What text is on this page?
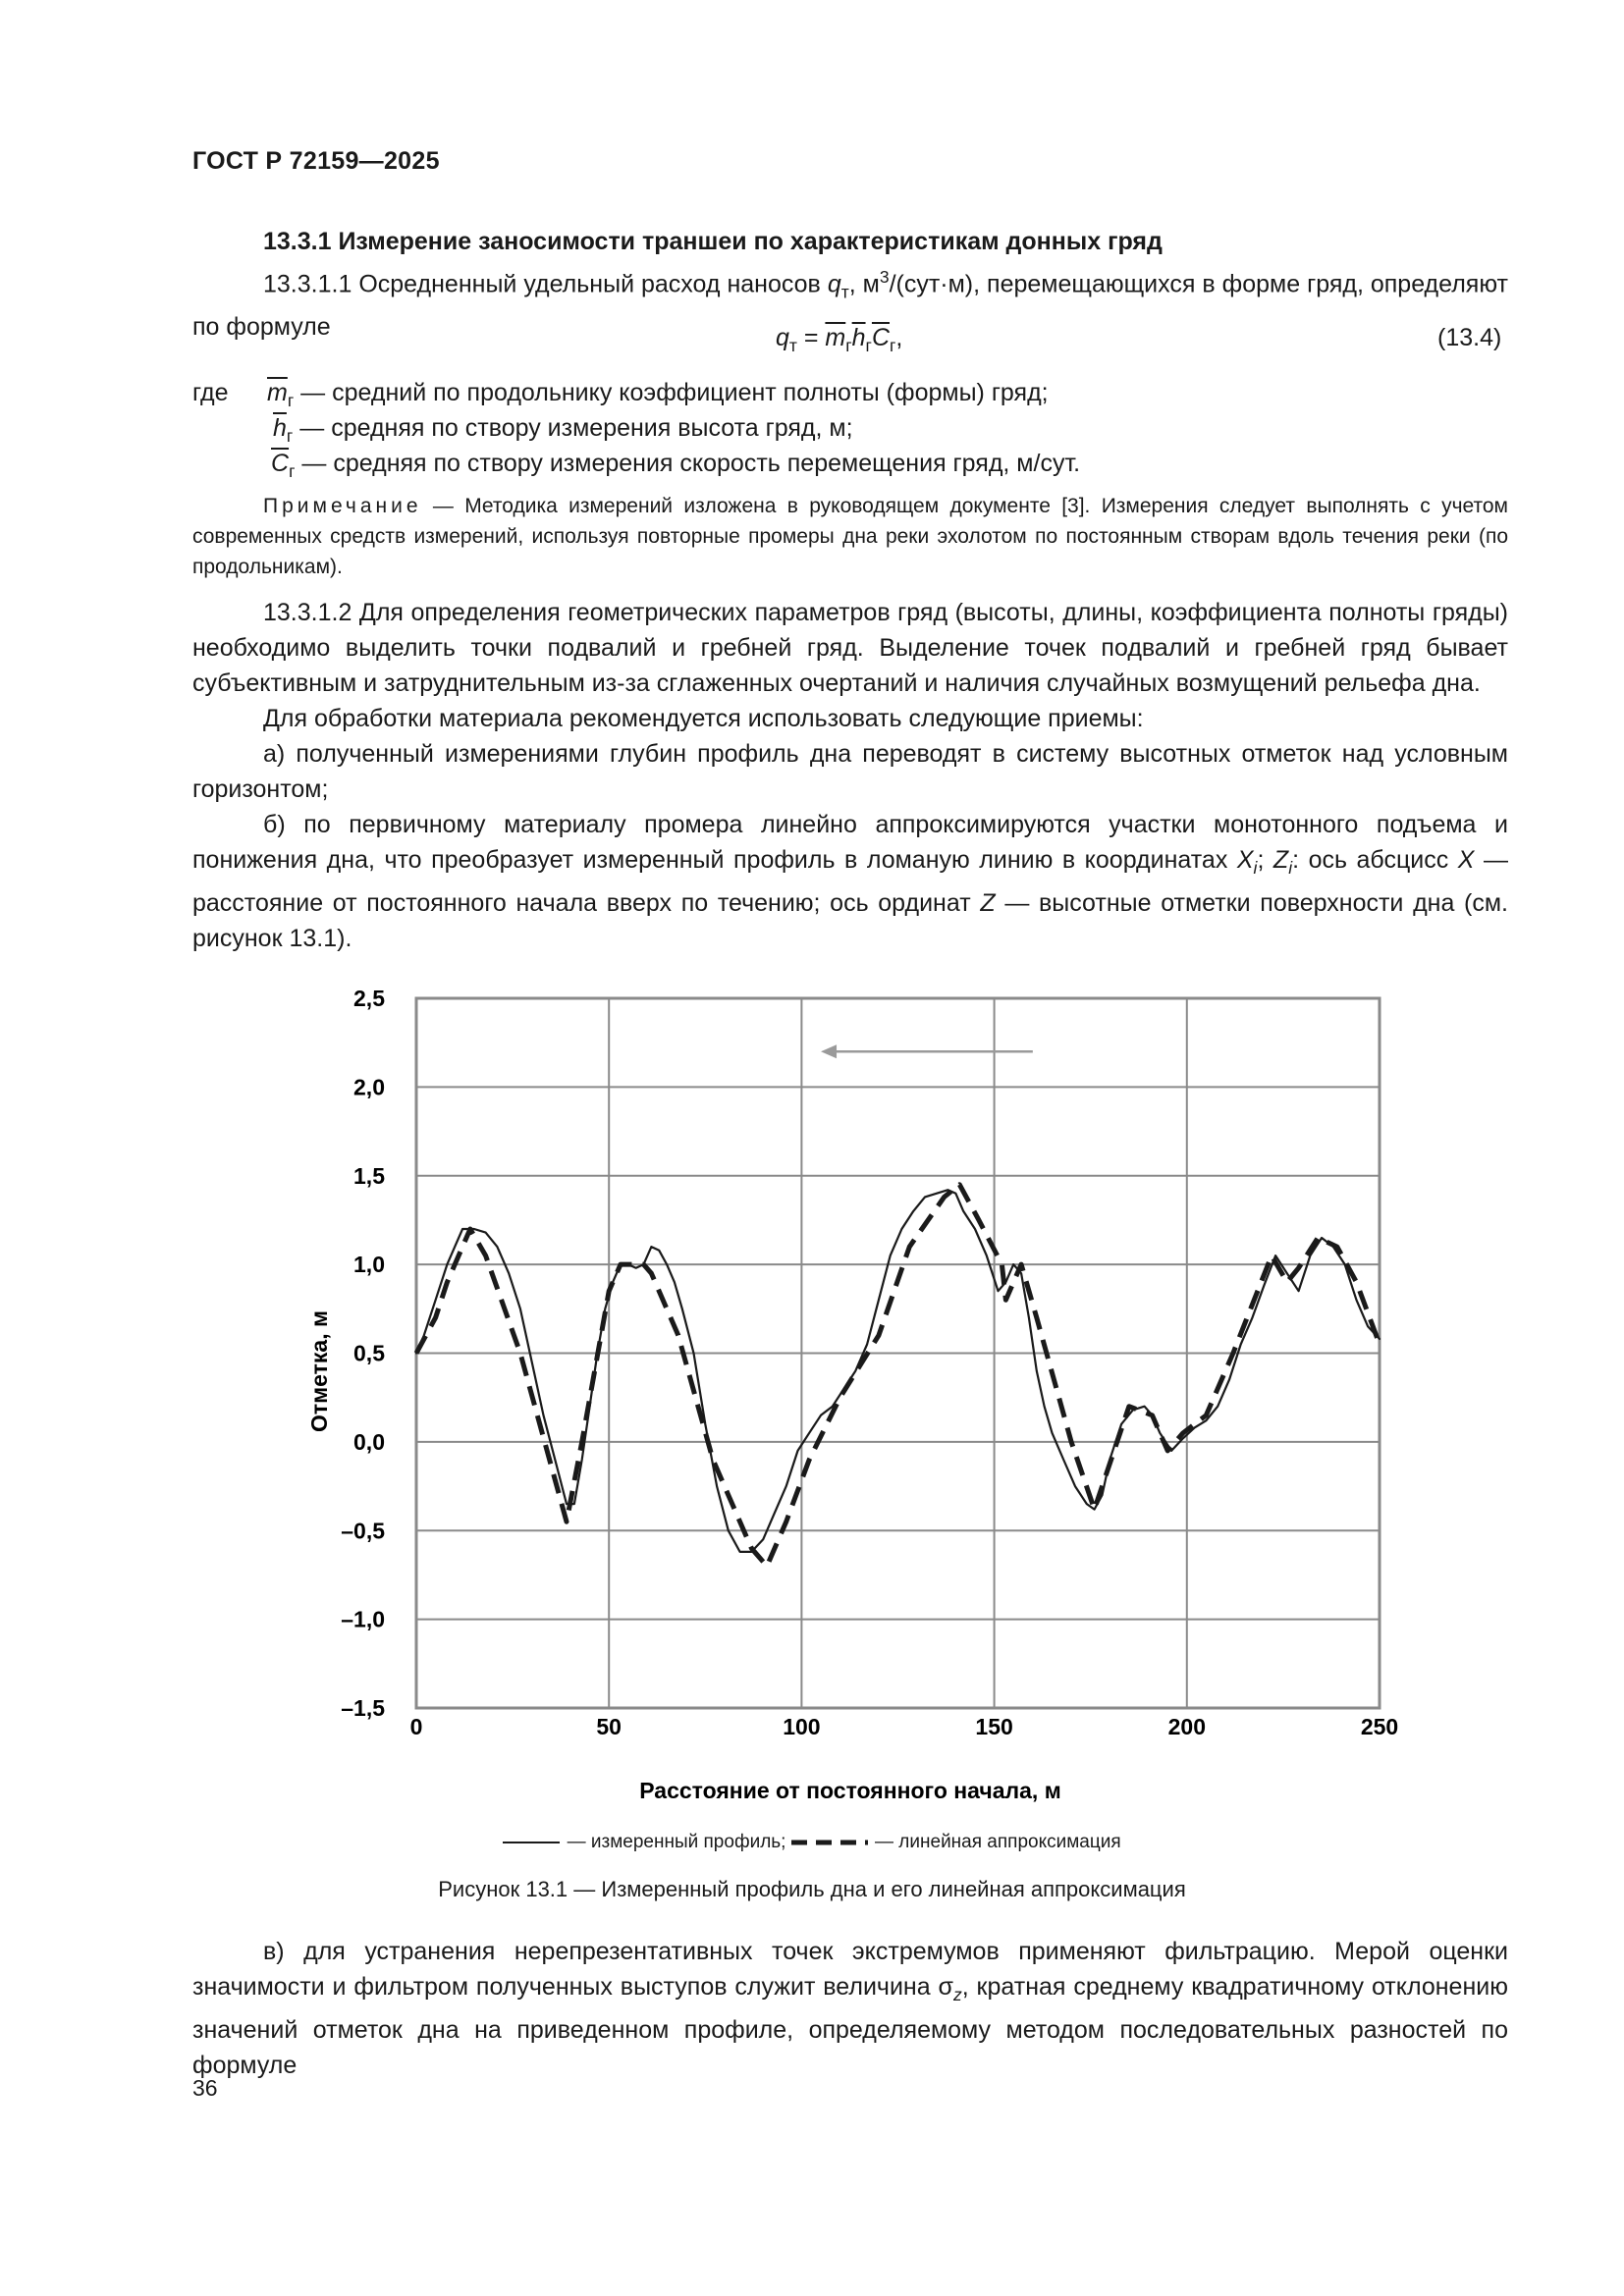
ГОСТ Р 72159—2025
13.3.1 Измерение заносимости траншеи по характеристикам донных гряд
13.3.1.1 Осредненный удельный расход наносов $q_т$, $м^3/(сут\cdot м)$, перемещающихся в форме гряд, определяют по формуле	$q_т = \overline{m}_г\overline{h}_г\overline{C}_г$,	(13.4)
где $\overline{m}_г$ — средний по продольнику коэффициент полноты (формы) гряд;
$\overline{h}_г$ — средняя по створу измерения высота гряд, м;
$\overline{C}_г$ — средняя по створу измерения скорость перемещения гряд, м/сут.
Примечание — Методика измерений изложена в руководящем документе [3]. Измерения следует выполнять с учетом современных средств измерений, используя повторные промеры дна реки эхолотом по постоянным створам вдоль течения реки (по продольникам).
13.3.1.2 Для определения геометрических параметров гряд (высоты, длины, коэффициента полноты гряды) необходимо выделить точки подвалий и гребней гряд. Выделение точек подвалий и гребней гряд бывает субъективным и затруднительным из-за сглаженных очертаний и наличия случайных возмущений рельефа дна.
Для обработки материала рекомендуется использовать следующие приемы:
а) полученный измерениями глубин профиль дна переводят в систему высотных отметок над условным горизонтом;
б) по первичному материалу промера линейно аппроксимируются участки монотонного подъема и понижения дна, что преобразует измеренный профиль в ломаную линию в координатах $X_i$; $Z_i$: ось абсцисс X — расстояние от постоянного начала вверх по течению; ось ординат Z — высотные отметки поверхности дна (см. рисунок 13.1).
2,5
2,0
1,5
1,0
0,5
0,0
–0,5
–1,0
–1,5
0	50	100	150	200	250
Отметка, м
Расстояние от постоянного начала, м
— измеренный профиль;	— линейная аппроксимация
Рисунок 13.1 — Измеренный профиль дна и его линейная аппроксимация
в) для устранения нерепрезентативных точек экстремумов применяют фильтрацию. Мерой оценки значимости и фильтром полученных выступов служит величина $\sigma_z$, кратная среднему квадратичному отклонению значений отметок дна на приведенном профиле, определяемому методом последовательных разностей по формуле
36
